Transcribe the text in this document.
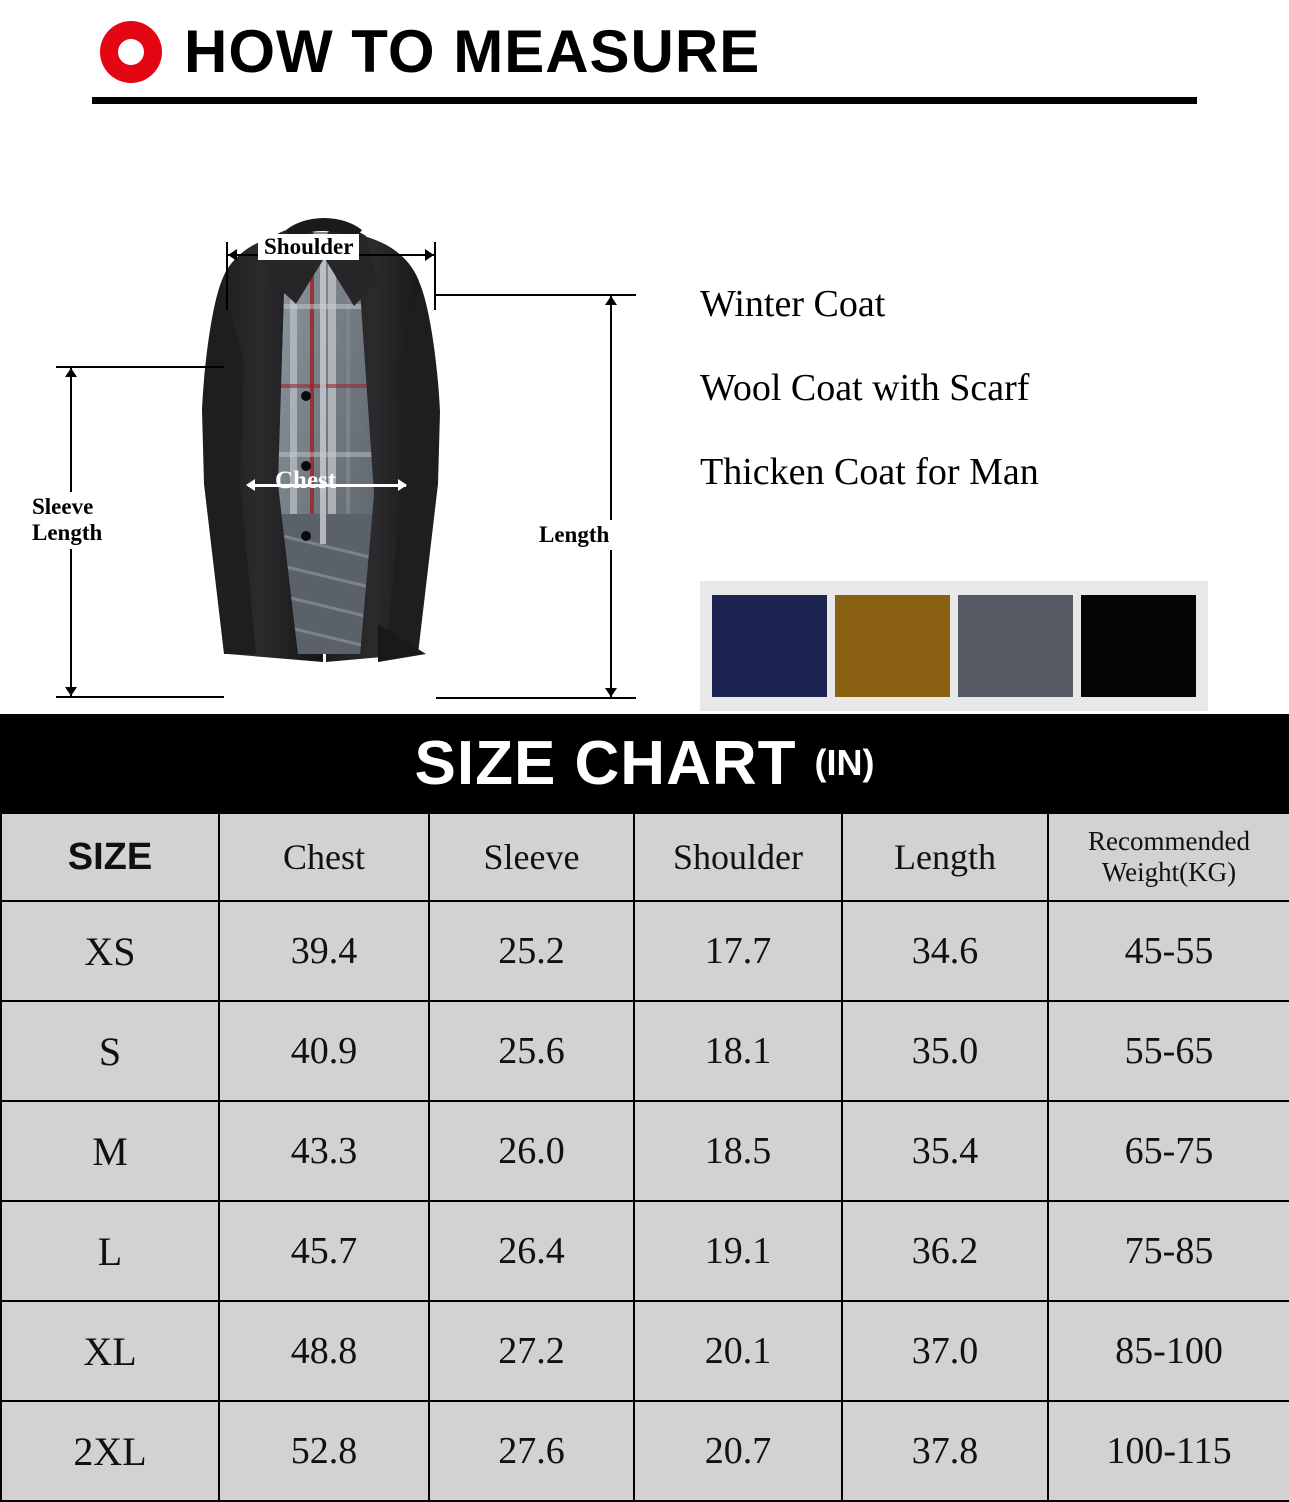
HOW TO MEASURE
Shoulder
Chest
Sleeve
Length	Length

Winter Coat

Wool Coat with Scarf

Thicken Coat for Man

SIZE CHART (IN)
SIZE	Chest	Sleeve	Shoulder	Length	Recommended Weight(KG)
XS	39.4	25.2	17.7	34.6	45-55
S	40.9	25.6	18.1	35.0	55-65
M	43.3	26.0	18.5	35.4	65-75
L	45.7	26.4	19.1	36.2	75-85
XL	48.8	27.2	20.1	37.0	85-100
2XL	52.8	27.6	20.7	37.8	100-115
